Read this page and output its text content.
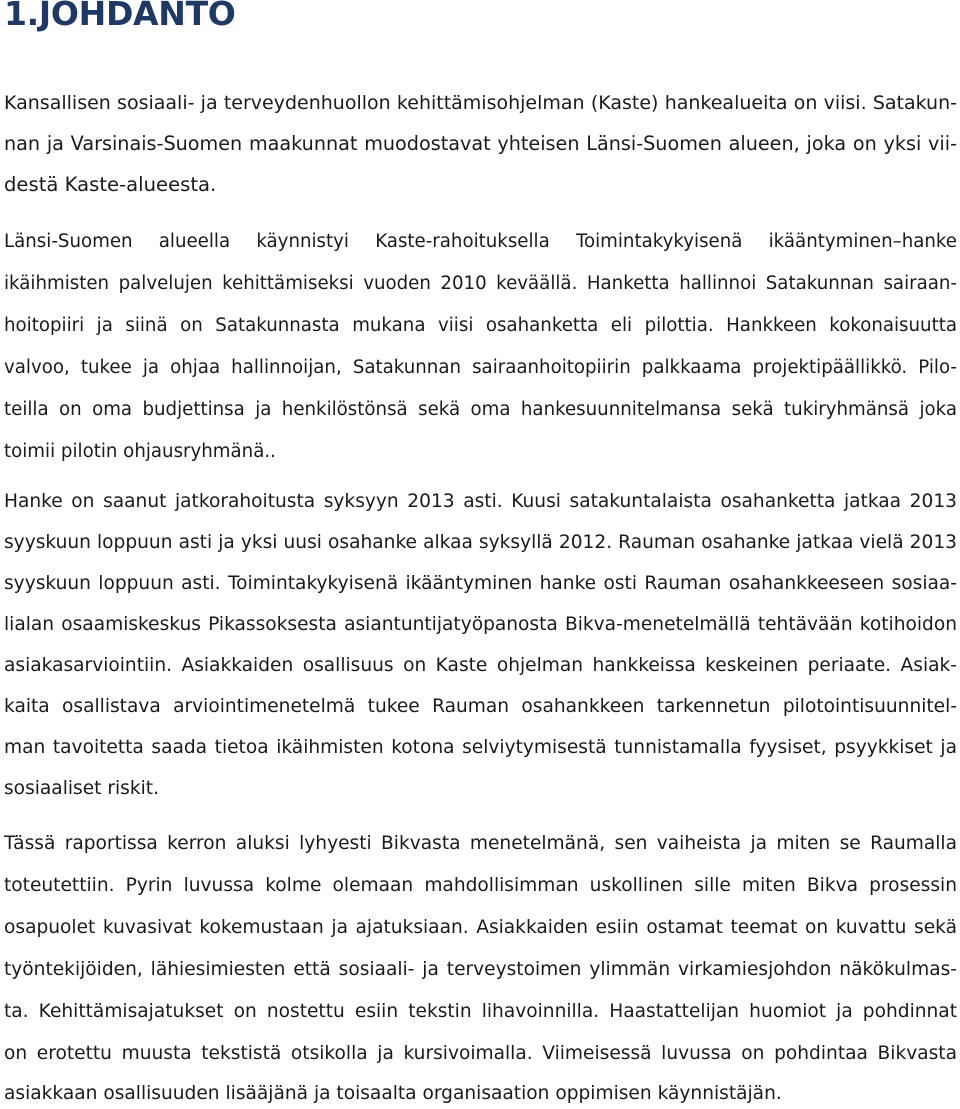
1.JOHDANTO

Kansallisen sosiaali- ja terveydenhuollon kehittämisohjelman (Kaste) hankealueita on viisi. Satakun-

nan ja Varsinais-Suomen maakunnat muodostavat yhteisen Länsi-Suomen alueen, joka on yksi vii-

destä Kaste-alueesta.

Länsi-Suomen alueella käynnistyi Kaste-rahoituksella Toimintakykyisenä ikääntyminen–hanke

ikäihmisten palvelujen kehittämiseksi vuoden 2010 keväällä. Hanketta hallinnoi Satakunnan sairaan-

hoitopiiri ja siinä on Satakunnasta mukana viisi osahanketta eli pilottia. Hankkeen kokonaisuutta

valvoo, tukee ja ohjaa hallinnoijan, Satakunnan sairaanhoitopiirin palkkaama projektipäällikkö. Pilo-

teilla on oma budjettinsa ja henkilöstönsä sekä oma hankesuunnitelmansa sekä tukiryhmänsä joka

toimii pilotin ohjausryhmänä..

Hanke on saanut jatkorahoitusta syksyyn 2013 asti. Kuusi satakuntalaista osahanketta jatkaa 2013

syyskuun loppuun asti ja yksi uusi osahanke alkaa syksyllä 2012. Rauman osahanke jatkaa vielä 2013

syyskuun loppuun asti. Toimintakykyisenä ikääntyminen hanke osti Rauman osahankkeeseen sosiaa-

lialan osaamiskeskus Pikassoksesta asiantuntijatyöpanosta Bikva-menetelmällä tehtävään kotihoidon

asiakasarviointiin. Asiakkaiden osallisuus on Kaste ohjelman hankkeissa keskeinen periaate. Asiak-

kaita osallistava arviointimenetelmä tukee Rauman osahankkeen tarkennetun pilotointisuunnitel-

man tavoitetta saada tietoa ikäihmisten kotona selviytymisestä tunnistamalla fyysiset, psyykkiset ja

sosiaaliset riskit.

Tässä raportissa kerron aluksi lyhyesti Bikvasta menetelmänä, sen vaiheista ja miten se Raumalla

toteutettiin. Pyrin luvussa kolme olemaan mahdollisimman uskollinen sille miten Bikva prosessin

osapuolet kuvasivat kokemustaan ja ajatuksiaan. Asiakkaiden esiin ostamat teemat on kuvattu sekä

työntekijöiden, lähiesimiesten että sosiaali- ja terveystoimen ylimmän virkamiesjohdon näkökulmas-

ta. Kehittämisajatukset on nostettu esiin tekstin lihavoinnilla. Haastattelijan huomiot ja pohdinnat

on erotettu muusta tekstistä otsikolla ja kursivoimalla. Viimeisessä luvussa on pohdintaa Bikvasta

asiakkaan osallisuuden lisääjänä ja toisaalta organisaation oppimisen käynnistäjän.
